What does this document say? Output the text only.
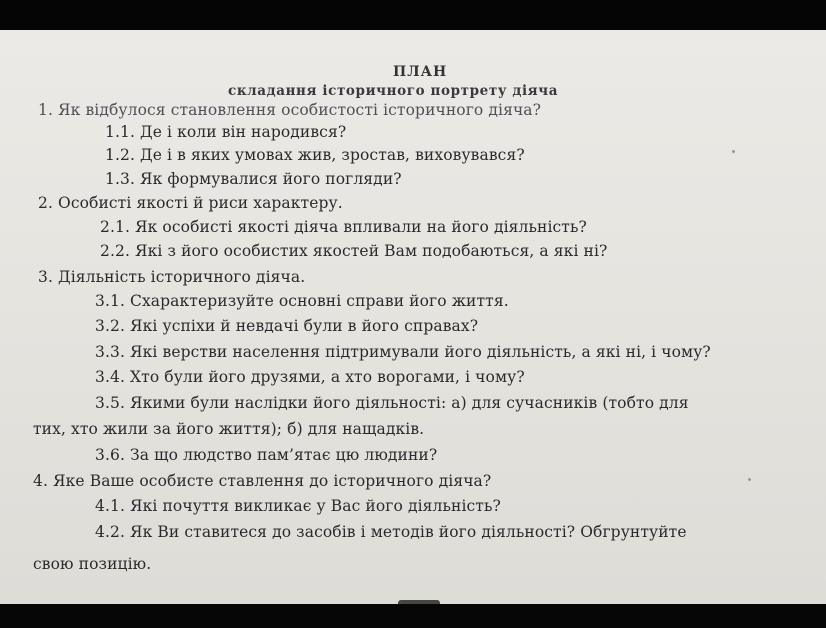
ПЛАН
складання історичного портрету діяча
1. Як відбулося становлення особистості історичного діяча?
1.1. Де і коли він народився?
1.2. Де і в яких умовах жив, зростав, виховувався?
1.3. Як формувалися його погляди?
2. Особисті якості й риси характеру.
2.1. Як особисті якості діяча впливали на його діяльність?
2.2. Які з його особистих якостей Вам подобаються, а які ні?
3. Діяльність історичного діяча.
3.1. Схарактеризуйте основні справи його життя.
3.2. Які успіхи й невдачі були в його справах?
3.3. Які верстви населення підтримували його діяльність, а які ні, і чому?
3.4. Хто були його друзями, а хто ворогами, і чому?
3.5. Якими були наслідки його діяльності: а) для сучасників (тобто для
тих, хто жили за його життя); б) для нащадків.
3.6. За що людство пам’ятає цю людини?
4. Яке Ваше особисте ставлення до історичного діяча?
4.1. Які почуття викликає у Вас його діяльність?
4.2. Як Ви ставитеся до засобів і методів його діяльності? Обгрунтуйте
свою позицію.
